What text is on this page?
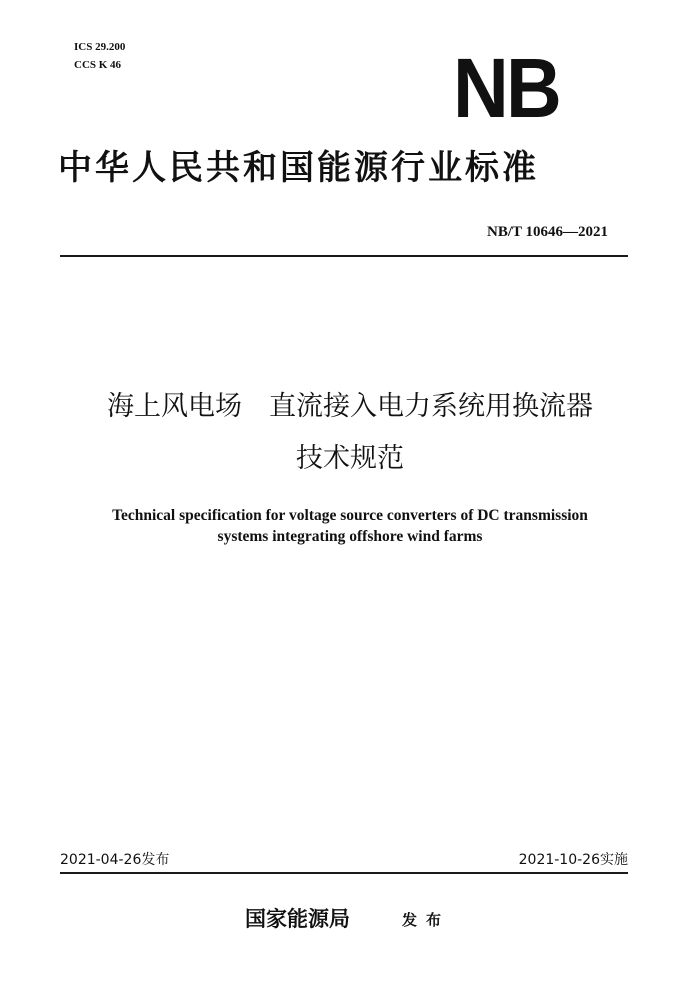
ICS 29.200
CCS K 46	NB
中华人民共和国能源行业标准
NB/T 10646—2021
海上风电场　直流接入电力系统用换流器
技术规范
Technical specification for voltage source converters of DC transmission
systems integrating offshore wind farms
2021-04-26发布	2021-10-26实施
国家能源局	发布
